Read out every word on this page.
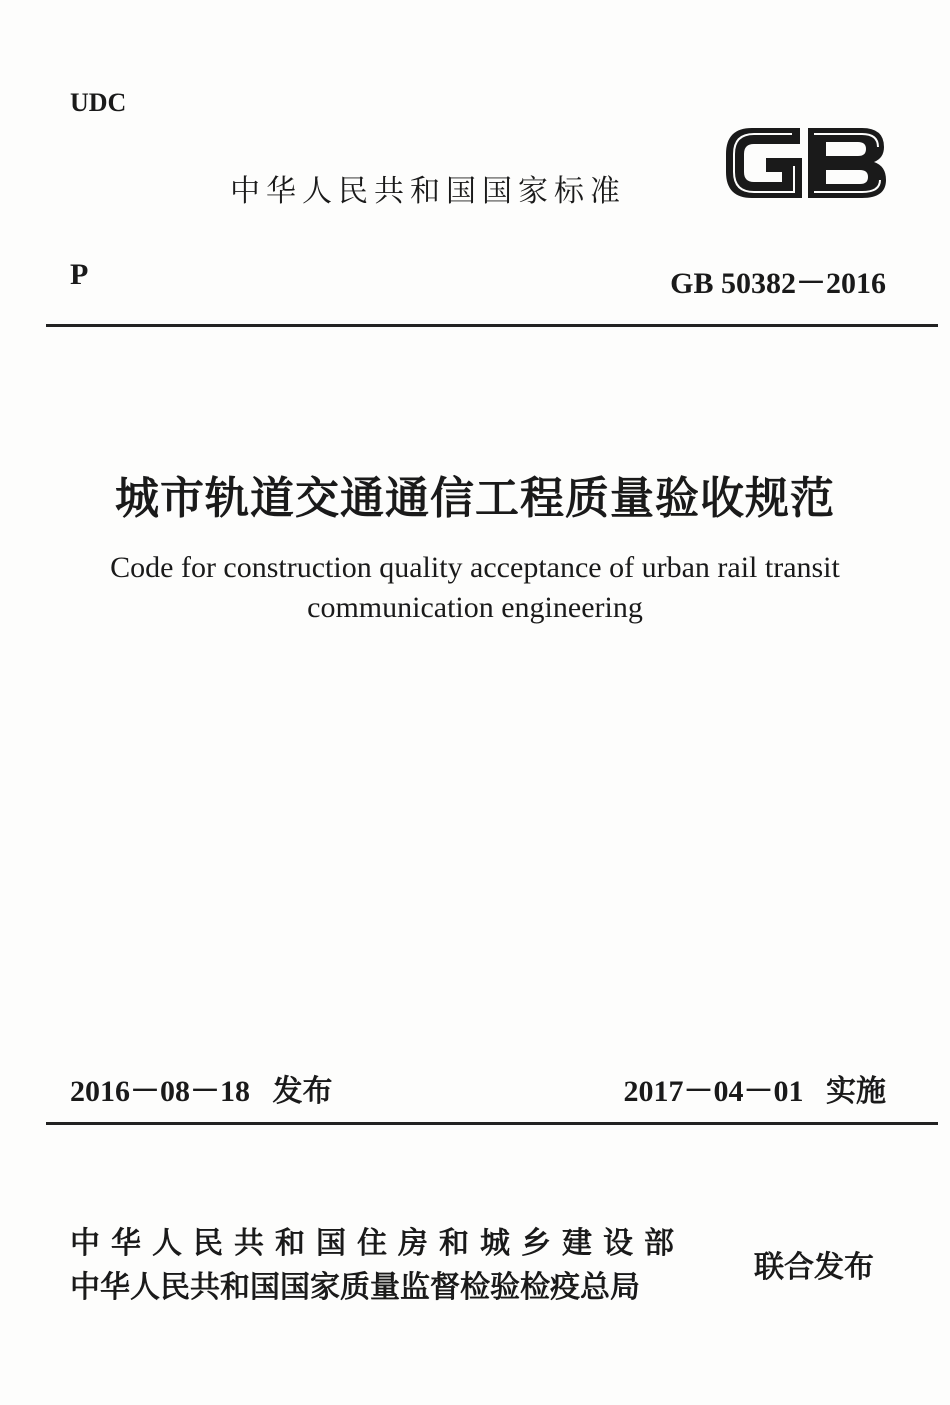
UDC
中华人民共和国国家标准
P	GB 50382－2016
城市轨道交通通信工程质量验收规范
Code for construction quality acceptance of urban rail transit
communication engineering
2016－08－18 发布	2017－04－01 实施
中华人民共和国住房和城乡建设部
中华人民共和国国家质量监督检验检疫总局
联合发布
